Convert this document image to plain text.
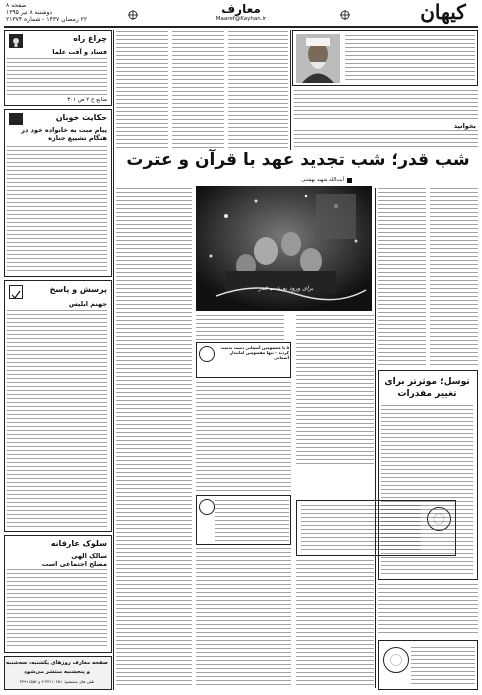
صفحه ۸
دوشنبه ۸ تیر ۱۳۹۵
۲۲ رمضان ۱۴۳۷ - شماره ۲۱۳۷۴
معارف
Maaref@Kayhan.ir	کیهان
چراغ راه
فساد و آفت علما
منابع ج ۲ ص ۳۰۱
حکایت خوبان
پیام مبت به خانواده خود در هنگام تشییع جنازه
پرسش و پاسخ
جهنم ابلیس
سلوک عارفانه
سالک الهی
مصلح اجتماعی است
صفحه معارف روزهای یکشنبه، سه‌شنبه
و پنجشنبه منتشر می‌شود
تلفن های مستقیم: ۳۳۱۱۰۲۵۱-۲ و ۳۳۹۱۱۵۵۶
بخوانید
شب قدر؛ شب تجدید عهد با قرآن و عترت
آیت‌الله شهید بهشتی
برای ورود به شب قدر
۵ تا معصومین آسمانی دست بدست کردند - تنها مقصومین امانتدار آسمانی
توسل؛ موثرتر برای
تغییر مقدرات
